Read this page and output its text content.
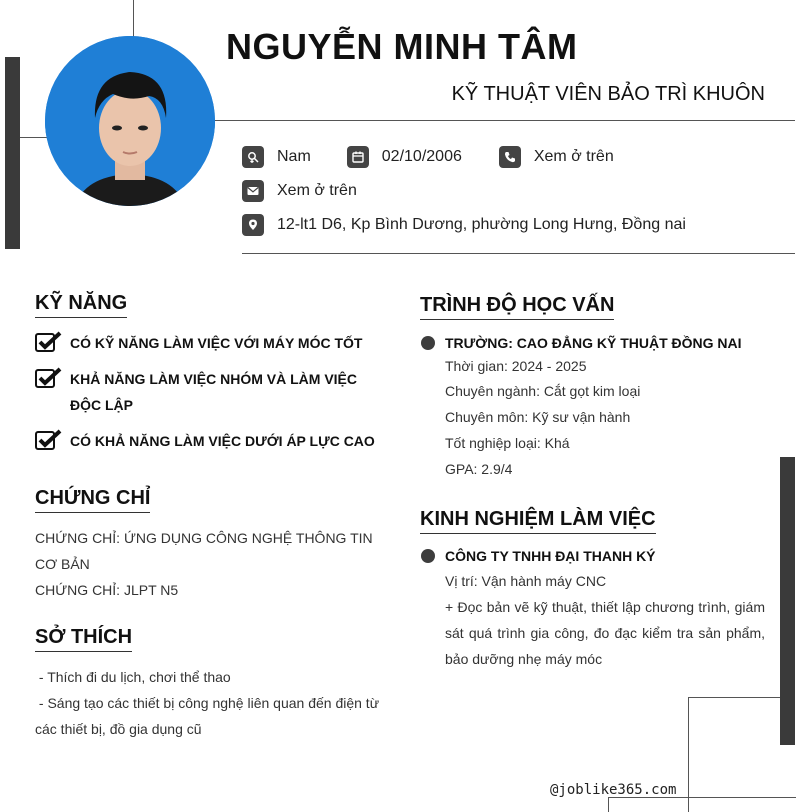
NGUYỄN MINH TÂM
KỸ THUẬT VIÊN BẢO TRÌ KHUÔN
Nam	02/10/2006	Xem ở trên
Xem ở trên
12-lt1 D6, Kp Bình Dương, phường Long Hưng, Đồng nai
KỸ NĂNG
CÓ KỸ NĂNG LÀM VIỆC VỚI MÁY MÓC TỐT
KHẢ NĂNG LÀM VIỆC NHÓM VÀ LÀM VIỆC ĐỘC LẬP
CÓ KHẢ NĂNG LÀM VIỆC DƯỚI ÁP LỰC CAO
CHỨNG CHỈ
CHỨNG CHỈ: ỨNG DỤNG CÔNG NGHỆ THÔNG TIN CƠ BẢN
CHỨNG CHỈ: JLPT N5
SỞ THÍCH
- Thích đi du lịch, chơi thể thao
- Sáng tạo các thiết bị công nghệ liên quan đến điện từ các thiết bị, đồ gia dụng cũ
TRÌNH ĐỘ HỌC VẤN
TRƯỜNG: CAO ĐẲNG KỸ THUẬT ĐỒNG NAI
Thời gian: 2024 - 2025
Chuyên ngành: Cắt gọt kim loại
Chuyên môn: Kỹ sư vận hành
Tốt nghiệp loại: Khá
GPA: 2.9/4
KINH NGHIỆM LÀM VIỆC
CÔNG TY TNHH ĐẠI THANH KÝ
Vị trí: Vận hành máy CNC
+ Đọc bản vẽ kỹ thuật, thiết lập chương trình, giám sát quá trình gia công, đo đạc kiểm tra sản phẩm, bảo dưỡng nhẹ máy móc
@joblike365.com
